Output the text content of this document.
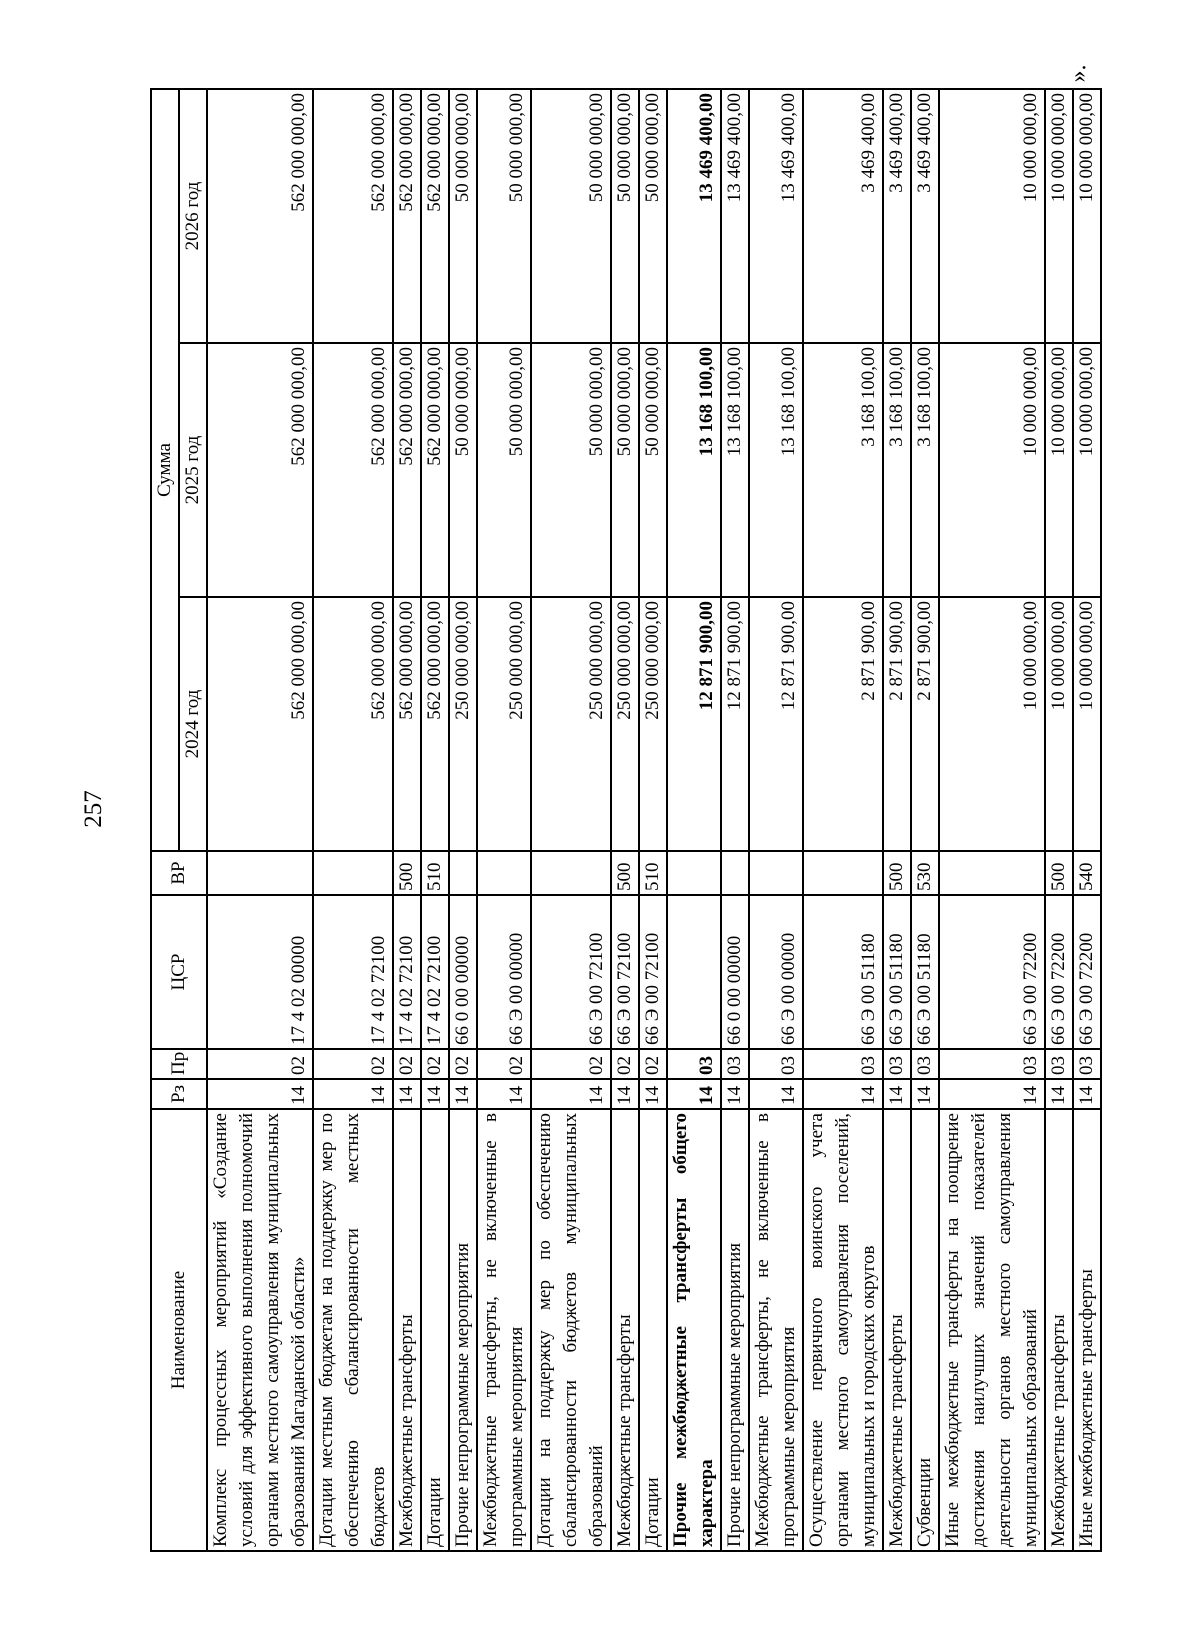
257
Наименование	Рз	Пр	ЦСР	ВР	Сумма		
					2024 год	2025 год	2026 год
Комплекс процессных мероприятий «Создание условий для эффективного выполнения полномочий органами местного самоуправления муниципальных образований Магаданской области»	14	02	17 4 02 00000		562 000 000,00	562 000 000,00	562 000 000,00
Дотации местным бюджетам на поддержку мер по обеспечению сбалансированности местных бюджетов	14	02	17 4 02 72100		562 000 000,00	562 000 000,00	562 000 000,00
Межбюджетные трансферты	14	02	17 4 02 72100	500	562 000 000,00	562 000 000,00	562 000 000,00
Дотации	14	02	17 4 02 72100	510	562 000 000,00	562 000 000,00	562 000 000,00
Прочие непрограммные мероприятия	14	02	66 0 00 00000		250 000 000,00	50 000 000,00	50 000 000,00
Межбюджетные трансферты, не включенные в программные мероприятия	14	02	66 Э 00 00000		250 000 000,00	50 000 000,00	50 000 000,00
Дотации на поддержку мер по обеспечению сбалансированности бюджетов муниципальных образований	14	02	66 Э 00 72100		250 000 000,00	50 000 000,00	50 000 000,00
Межбюджетные трансферты	14	02	66 Э 00 72100	500	250 000 000,00	50 000 000,00	50 000 000,00
Дотации	14	02	66 Э 00 72100	510	250 000 000,00	50 000 000,00	50 000 000,00
Прочие межбюджетные трансферты общего характера	14	03			12 871 900,00	13 168 100,00	13 469 400,00
Прочие непрограммные мероприятия	14	03	66 0 00 00000		12 871 900,00	13 168 100,00	13 469 400,00
Межбюджетные трансферты, не включенные в программные мероприятия	14	03	66 Э 00 00000		12 871 900,00	13 168 100,00	13 469 400,00
Осуществление первичного воинского учета органами местного самоуправления поселений, муниципальных и городских округов	14	03	66 Э 00 51180		2 871 900,00	3 168 100,00	3 469 400,00
Межбюджетные трансферты	14	03	66 Э 00 51180	500	2 871 900,00	3 168 100,00	3 469 400,00
Субвенции	14	03	66 Э 00 51180	530	2 871 900,00	3 168 100,00	3 469 400,00
Иные межбюджетные трансферты на поощрение достижения наилучших значений показателей деятельности органов местного самоуправления муниципальных образований	14	03	66 Э 00 72200		10 000 000,00	10 000 000,00	10 000 000,00
Межбюджетные трансферты	14	03	66 Э 00 72200	500	10 000 000,00	10 000 000,00	10 000 000,00
Иные межбюджетные трансферты	14	03	66 Э 00 72200	540	10 000 000,00	10 000 000,00	10 000 000,00
».
